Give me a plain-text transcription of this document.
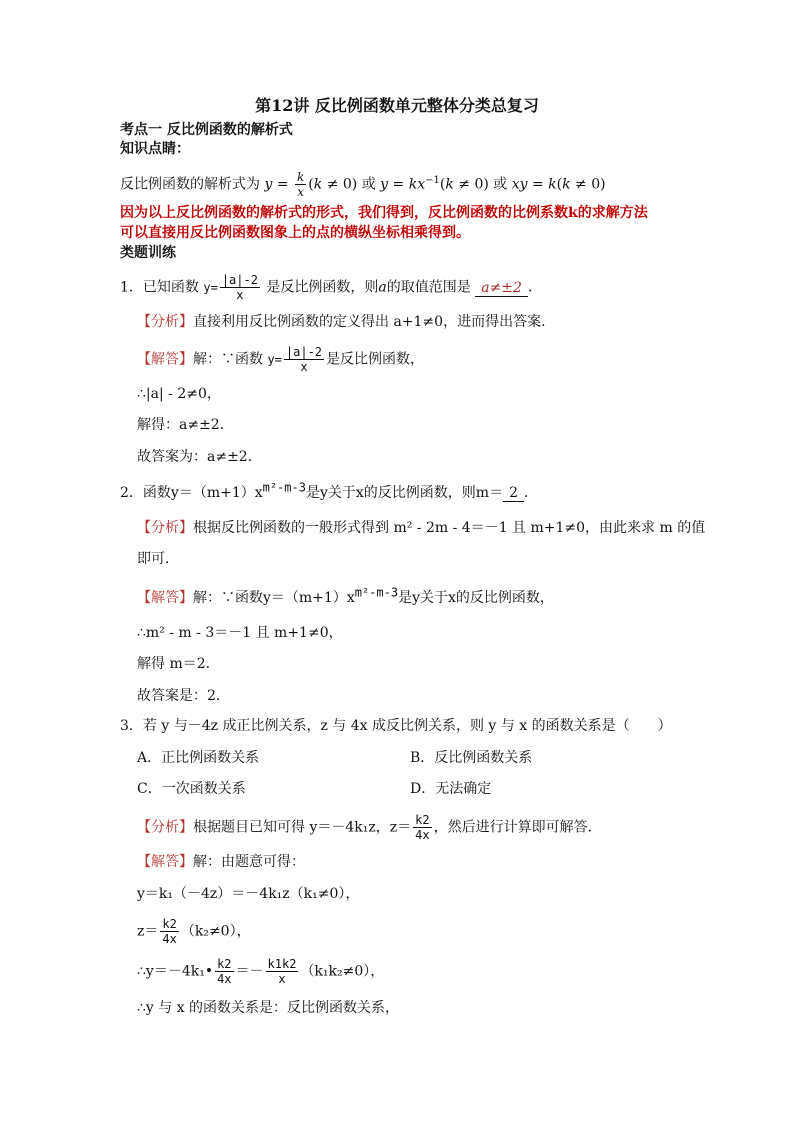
第12讲 反比例函数单元整体分类总复习
考点一 反比例函数的解析式
知识点睛：
反比例函数的解析式为 $y = \frac{k}{x} (k \ne 0)$ 或 $y = kx^{-1}(k \ne 0)$ 或 xy = k(k ≠ 0)
因为以上反比例函数的解析式的形式，我们得到，反比例函数的比例系数k的求解方法
可以直接用反比例函数图象上的点的横纵坐标相乘得到。
类题训练
1．已知函数 $y= \frac{|a|-2}{x}$ 是反比例函数，则a的取值范围是 a≠±2 ．
【分析】直接利用反比例函数的定义得出 a+1≠0，进而得出答案．
【解答】解：∵函数 $y= \frac{|a|-2}{x}$ 是反比例函数，
∴|a| - 2≠0，
解得：a≠±2．
故答案为：a≠±2．
2．函数$y=(m+1)x^{m^2-m-3}$是y关于x的反比例函数，则m＝ 2 ．
【分析】根据反比例函数的一般形式得到 m² - 2m - 4＝－1 且 m+1≠0，由此来求 m 的值
即可．
【解答】解：∵函数$y=(m+1)x^{m^2-m-3}$是y关于x的反比例函数，
∴m² - m - 3＝－1 且 m+1≠0，
解得 m＝2．
故答案是：2．
3．若 y 与－4z 成正比例关系，z 与 4x 成反比例关系，则 y 与 x 的函数关系是（　　）
A．正比例函数关系	B．反比例函数关系
C．一次函数关系	D．无法确定
【分析】根据题目已知可得 y＝－4k₁z，$z= \frac{k2}{4x}$ ，然后进行计算即可解答．
【解答】解：由题意可得：
y＝k₁（－4z）＝－4k₁z（k₁≠0），
$z= \frac{k2}{4x} (k_2\ne 0)$，
∴y＝－4k₁• $\frac{k2}{4x} =- \frac{k1k2}{x} (k_1k_2\ne 0)$，
∴y 与 x 的函数关系是：反比例函数关系，
